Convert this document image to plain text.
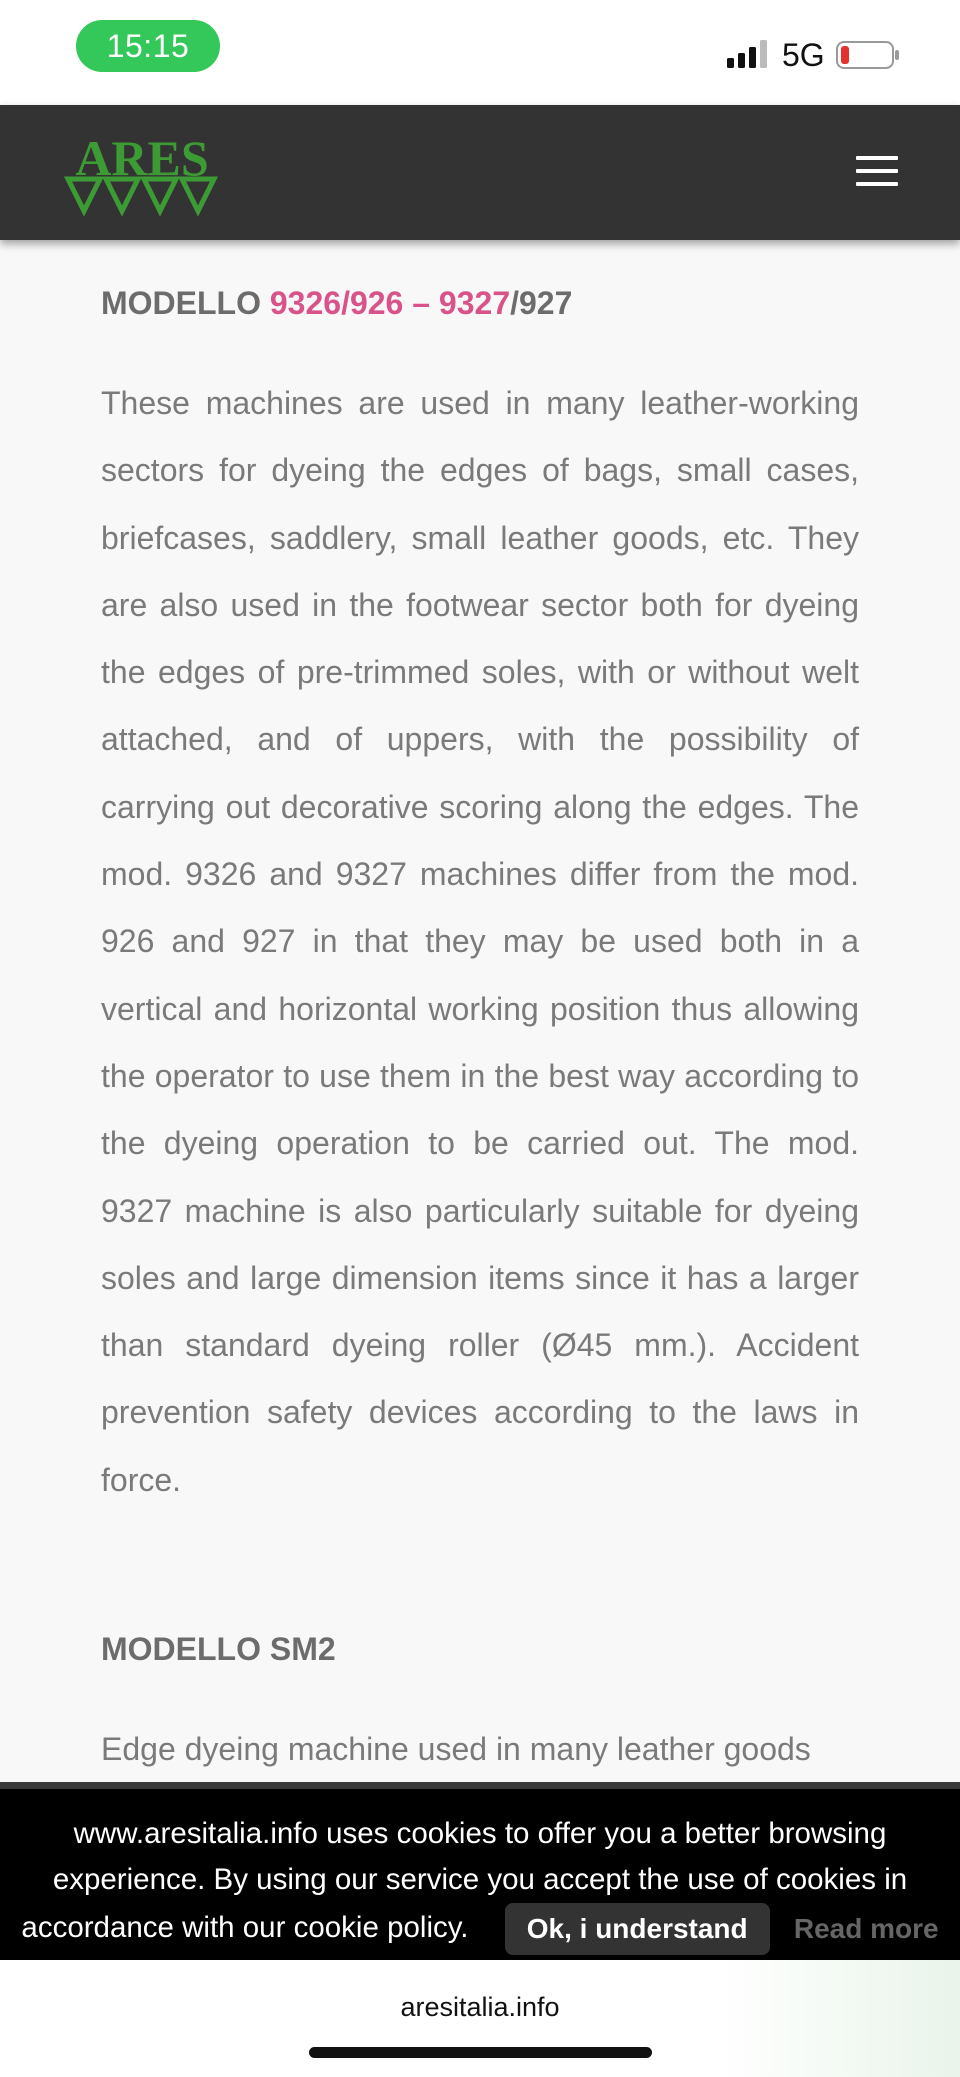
15:15	5G
ARES
MODELLO 9326/926 – 9327/927

These machines are used in many leather-working sectors for dyeing the edges of bags, small cases, briefcases, saddlery, small leather goods, etc. They are also used in the footwear sector both for dyeing the edges of pre-trimmed soles, with or without welt attached, and of uppers, with the possibility of carrying out decorative scoring along the edges. The mod. 9326 and 9327 machines differ from the mod. 926 and 927 in that they may be used both in a vertical and horizontal working position thus allowing the operator to use them in the best way according to the dyeing operation to be carried out. The mod. 9327 machine is also particularly suitable for dyeing soles and large dimension items since it has a larger than standard dyeing roller (Ø45 mm.). Accident prevention safety devices according to the laws in force.

MODELLO SM2

Edge dyeing machine used in many leather goods

www.aresitalia.info uses cookies to offer you a better browsing experience. By using our service you accept the use of cookies in accordance with our cookie policy. Ok, i understand Read more
aresitalia.info
